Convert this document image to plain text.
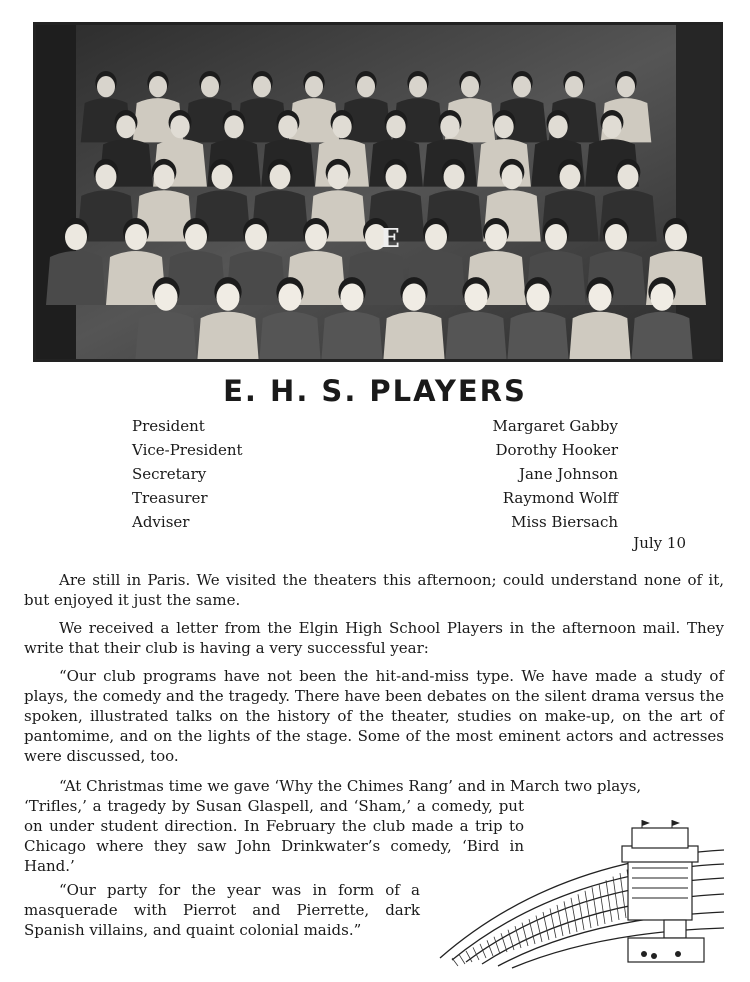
E
E. H. S. PLAYERS
President	Margaret Gabby
Vice-President	Dorothy Hooker
Secretary	Jane Johnson
Treasurer	Raymond Wolff
Adviser	Miss Biersach
July 10

Are still in Paris. We visited the theaters this afternoon; could understand none of it, but enjoyed it just the same.

We received a letter from the Elgin High School Players in the afternoon mail. They write that their club is having a very successful year:

“Our club programs have not been the hit-and-miss type. We have made a study of plays, the comedy and the tragedy. There have been debates on the silent drama versus the spoken, illustrated talks on the history of the theater, studies on make-up, on the art of pantomime, and on the lights of the stage. Some of the most eminent actors and actresses were discussed, too.

“At Christmas time we gave ‘Why the Chimes Rang’ and in March two plays,

‘Trifles,’ a tragedy by Susan Glaspell, and ‘Sham,’ a comedy, put on under student direction. In February the club made a trip to Chicago where they saw John Drinkwater’s comedy, ‘Bird in Hand.’

“Our party for the year was in form of a masquerade with Pierrot and Pierrette, dark Spanish villains, and quaint colonial maids.”
